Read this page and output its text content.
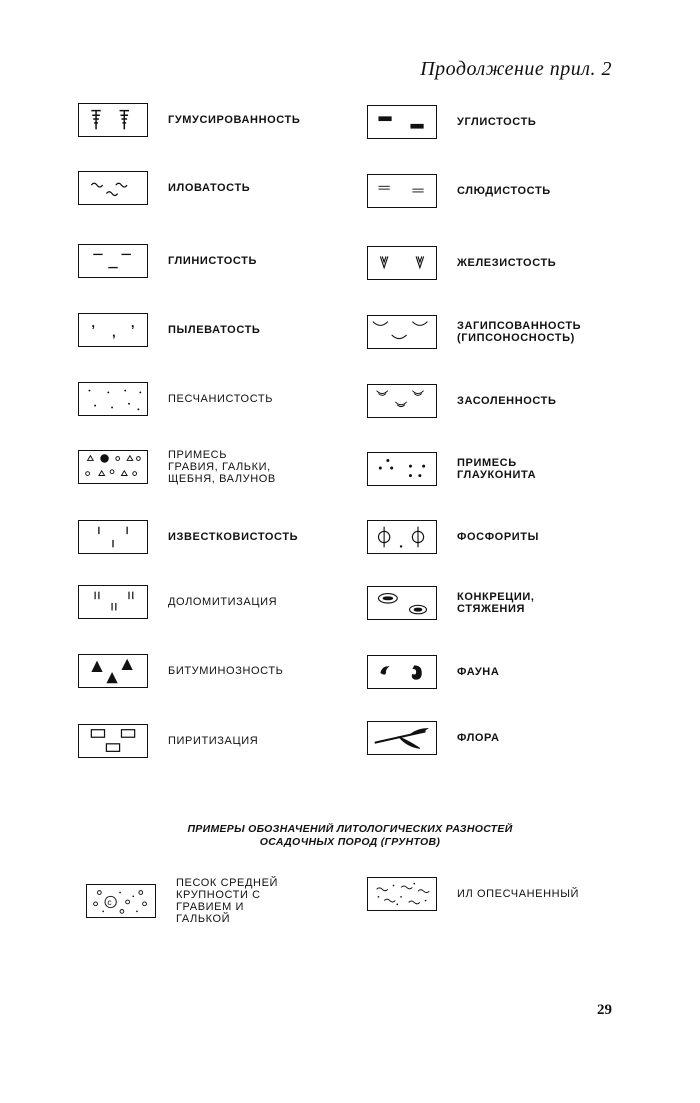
Продолжение прил. 2
ГУМУСИРОВАННОСТЬ
ИЛОВАТОСТЬ
ГЛИНИСТОСТЬ
,	,
,	ПЫЛЕВАТОСТЬ
ПЕСЧАНИСТОСТЬ
ПРИМЕСЬ ГРАВИЯ, ГАЛЬКИ, ЩЕБНЯ, ВАЛУНОВ
ИЗВЕСТКОВИСТОСТЬ
ДОЛОМИТИЗАЦИЯ
БИТУМИНОЗНОСТЬ
ПИРИТИЗАЦИЯ
УГЛИСТОСТЬ
СЛЮДИСТОСТЬ
ЖЕЛЕЗИСТОСТЬ
ЗАГИПСОВАННОСТЬ (ГИПСОНОСНОСТЬ)
ЗАСОЛЕННОСТЬ
ПРИМЕСЬ ГЛАУКОНИТА
ФОСФОРИТЫ
КОНКРЕЦИИ, СТЯЖЕНИЯ
ФАУНА
ФЛОРА
ПРИМЕРЫ ОБОЗНАЧЕНИЙ ЛИТОЛОГИЧЕСКИХ РАЗНОСТЕЙ
ОСАДОЧНЫХ ПОРОД (ГРУНТОВ)
c
ПЕСОК СРЕДНЕЙ КРУПНОСТИ С ГРАВИЕМ И ГАЛЬКОЙ
ИЛ ОПЕСЧАНЕННЫЙ
29
